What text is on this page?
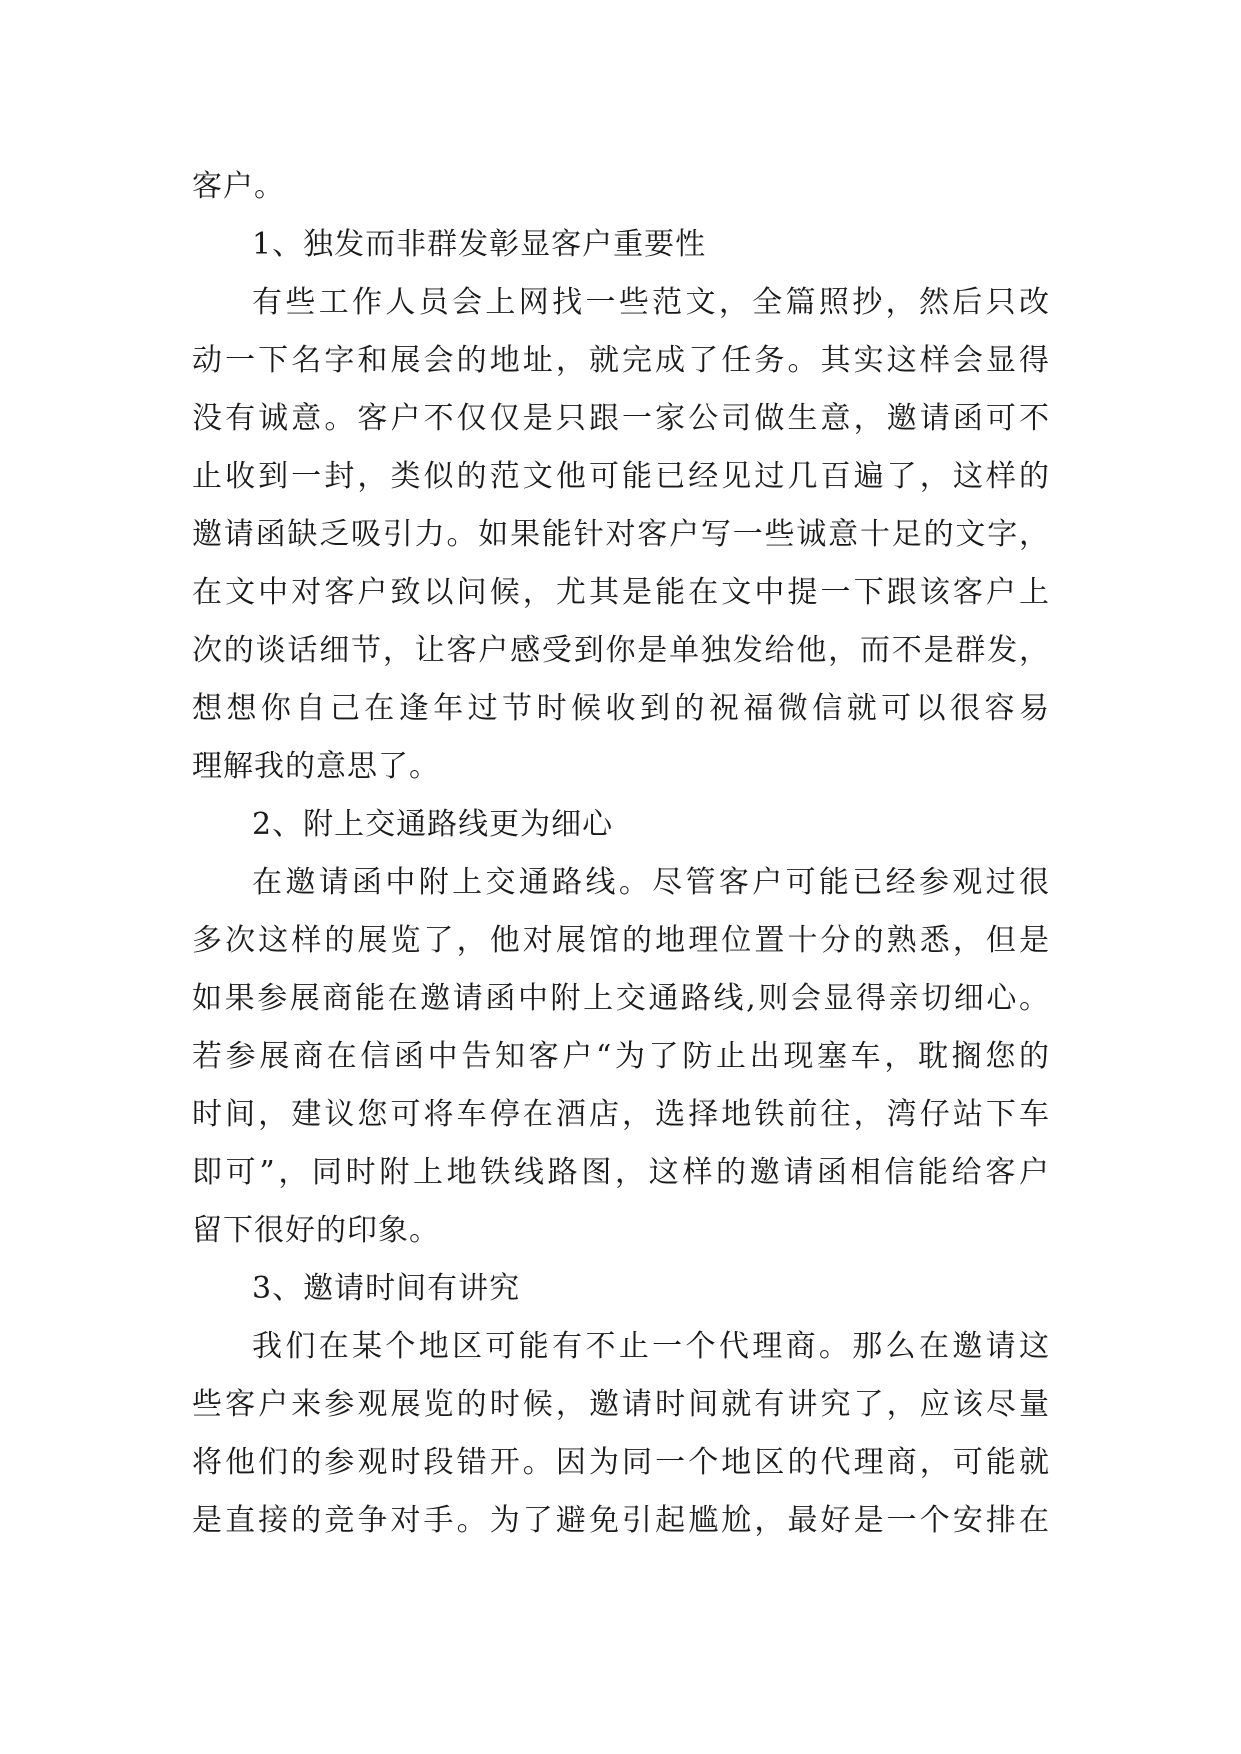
客户。
1、独发而非群发彰显客户重要性
有些工作人员会上网找一些范文，全篇照抄，然后只改
动一下名字和展会的地址，就完成了任务。其实这样会显得
没有诚意。客户不仅仅是只跟一家公司做生意，邀请函可不
止收到一封，类似的范文他可能已经见过几百遍了，这样的
邀请函缺乏吸引力。如果能针对客户写一些诚意十足的文字，
在文中对客户致以问候，尤其是能在文中提一下跟该客户上
次的谈话细节，让客户感受到你是单独发给他，而不是群发，
想想你自己在逢年过节时候收到的祝福微信就可以很容易
理解我的意思了。
2、附上交通路线更为细心
在邀请函中附上交通路线。尽管客户可能已经参观过很
多次这样的展览了，他对展馆的地理位置十分的熟悉，但是
如果参展商能在邀请函中附上交通路线,则会显得亲切细心。
若参展商在信函中告知客户“为了防止出现塞车，耽搁您的
时间，建议您可将车停在酒店，选择地铁前往，湾仔站下车
即可”，同时附上地铁线路图，这样的邀请函相信能给客户
留下很好的印象。
3、邀请时间有讲究
我们在某个地区可能有不止一个代理商。那么在邀请这
些客户来参观展览的时候，邀请时间就有讲究了，应该尽量
将他们的参观时段错开。因为同一个地区的代理商，可能就
是直接的竞争对手。为了避免引起尴尬，最好是一个安排在
